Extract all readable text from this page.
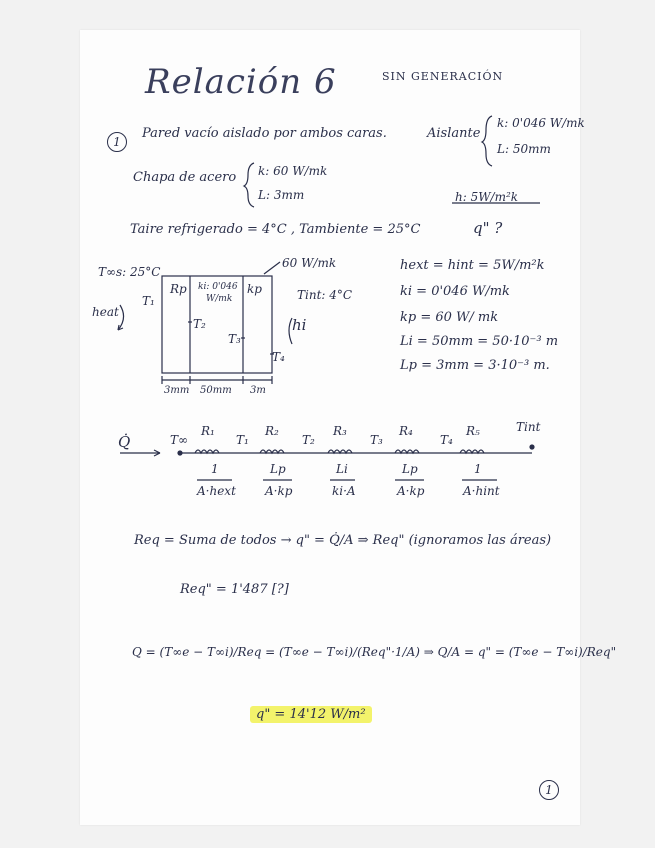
Relación 6	SIN GENERACIÓN
1
Pared vacío aislado por ambos caras.	Aislante
k: 0'046 W/mk
L: 50mm
Chapa de acero k: 60 W/mk
L: 3mm	h: 5W/m²k
Taire refrigerado = 4°C , Tambiente = 25°C	q" ?
T∞s: 25°C
heat
T₁
Rp ki: 0'046
W/mk
kp
T₂
T₃
T₄
60 W/mk
Tint: 4°C
hi
3mm 50mm 3m
hext = hint = 5W/m²k
ki = 0'046 W/mk
kp = 60 W/ mk
Li = 50mm = 50·10⁻³ m
Lp = 3mm = 3·10⁻³ m.
Q̇	T∞	T₁	T₂	T₃	T₄
Tint
R₁	R₂	R₃	R₄	R₅
1	Lp	Li	Lp	1
A·hext A·kp	ki·A	A·kp	A·hint
Req = Suma de todos → q" = Q̇/A ⇒ Req" (ignoramos las áreas)
Req" = 1'487 [?]
Q = (T∞e − T∞i)/Req = (T∞e − T∞i)/(Req"·1/A) ⇒ Q/A = q" = (T∞e − T∞i)/Req"
q" = 14'12 W/m²
1
